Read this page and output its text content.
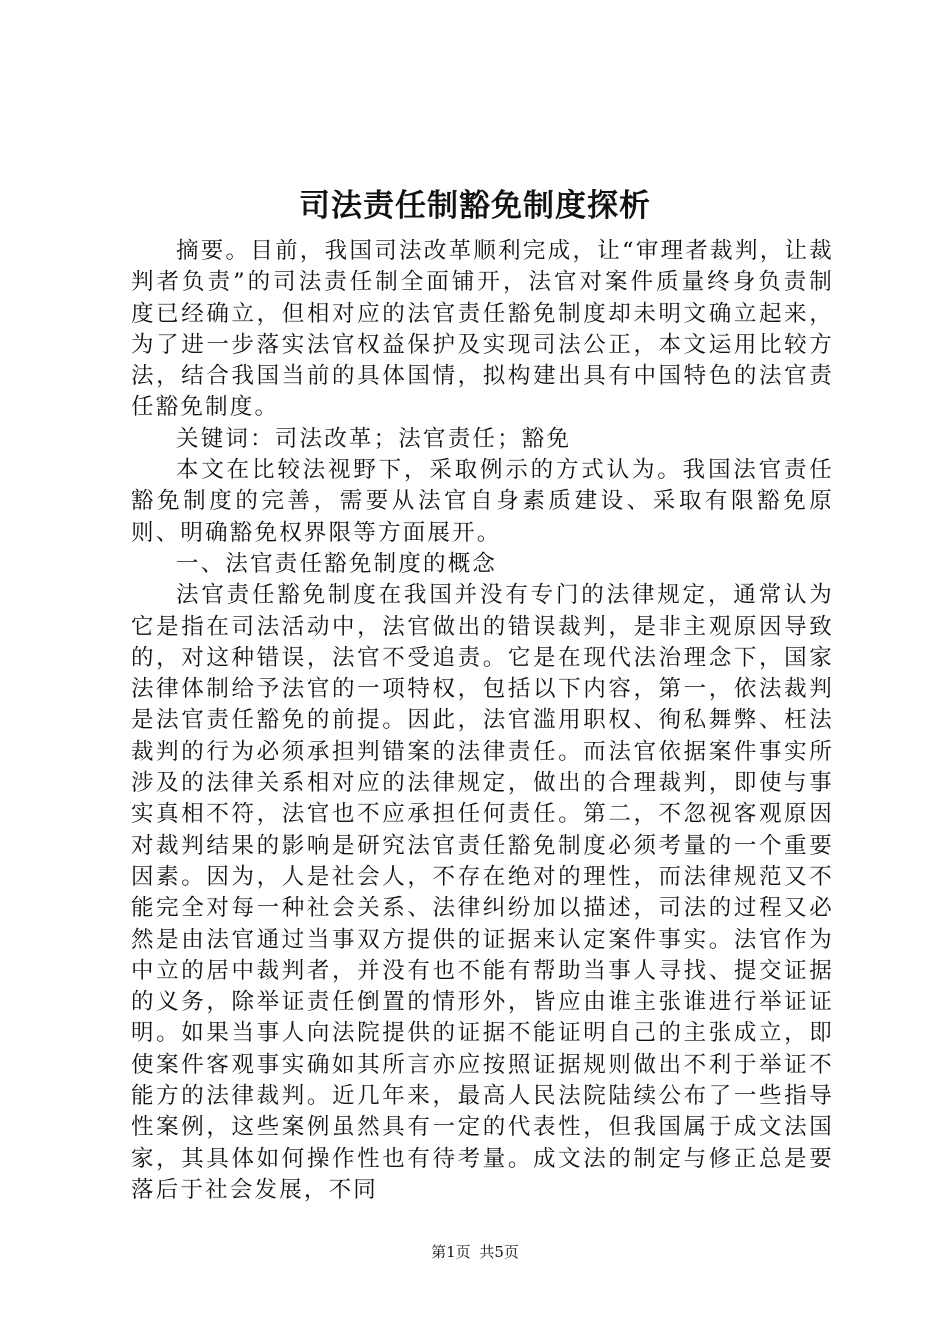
司法责任制豁免制度探析

摘要。目前，我国司法改革顺利完成，让“审理者裁判，让裁判者负责”的司法责任制全面铺开，法官对案件质量终身负责制度已经确立，但相对应的法官责任豁免制度却未明文确立起来，为了进一步落实法官权益保护及实现司法公正，本文运用比较方法，结合我国当前的具体国情，拟构建出具有中国特色的法官责任豁免制度。

关键词：司法改革；法官责任；豁免

本文在比较法视野下，采取例示的方式认为。我国法官责任豁免制度的完善，需要从法官自身素质建设、采取有限豁免原则、明确豁免权界限等方面展开。

一、法官责任豁免制度的概念

法官责任豁免制度在我国并没有专门的法律规定，通常认为它是指在司法活动中，法官做出的错误裁判，是非主观原因导致的，对这种错误，法官不受追责。它是在现代法治理念下，国家法律体制给予法官的一项特权，包括以下内容，第一，依法裁判是法官责任豁免的前提。因此，法官滥用职权、徇私舞弊、枉法裁判的行为必须承担判错案的法律责任。而法官依据案件事实所涉及的法律关系相对应的法律规定，做出的合理裁判，即使与事实真相不符，法官也不应承担任何责任。第二，不忽视客观原因对裁判结果的影响是研究法官责任豁免制度必须考量的一个重要因素。因为，人是社会人，不存在绝对的理性，而法律规范又不能完全对每一种社会关系、法律纠纷加以描述，司法的过程又必然是由法官通过当事双方提供的证据来认定案件事实。法官作为中立的居中裁判者，并没有也不能有帮助当事人寻找、提交证据的义务，除举证责任倒置的情形外，皆应由谁主张谁进行举证证明。如果当事人向法院提供的证据不能证明自己的主张成立，即使案件客观事实确如其所言亦应按照证据规则做出不利于举证不能方的法律裁判。近几年来，最高人民法院陆续公布了一些指导性案例，这些案例虽然具有一定的代表性，但我国属于成文法国家，其具体如何操作性也有待考量。成文法的制定与修正总是要落后于社会发展，不同

第1页 共5页
